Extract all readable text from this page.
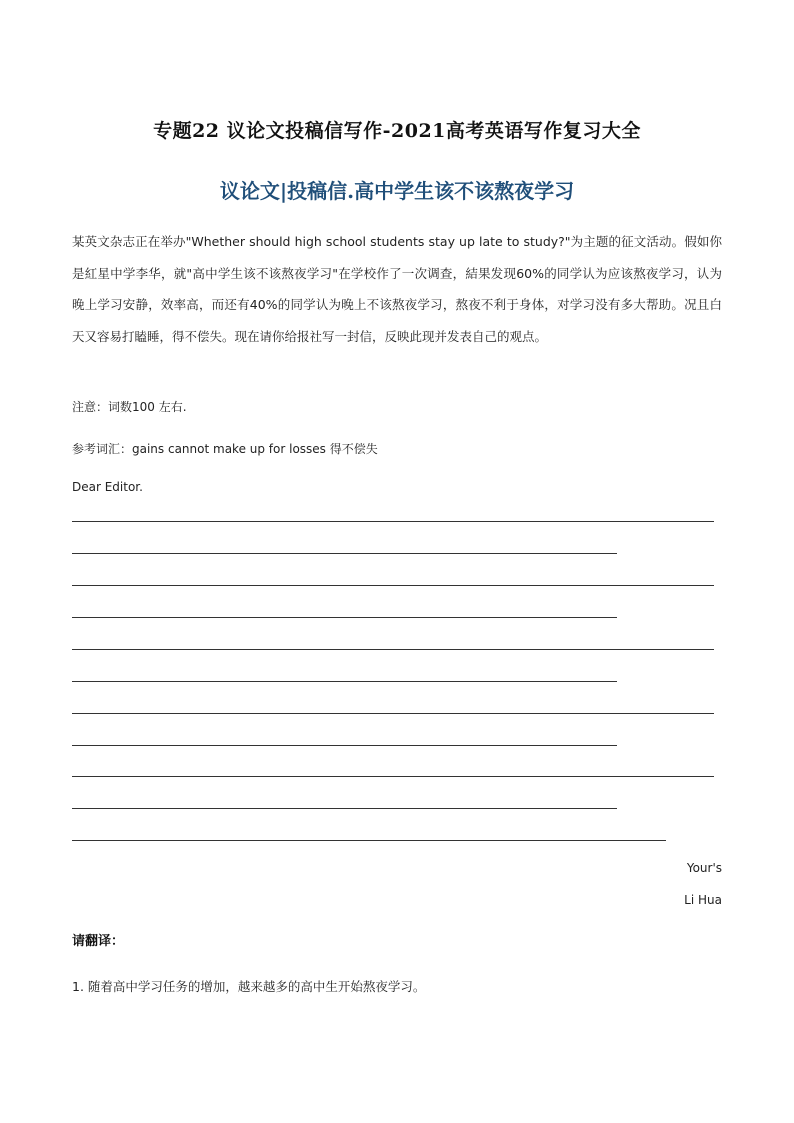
专题22 议论文投稿信写作-2021高考英语写作复习大全
议论文|投稿信.高中学生该不该熬夜学习
某英文杂志正在举办"Whether should high school students stay up late to study?"为主题的征文活动。假如你是紅星中学李华，就"高中学生该不该熬夜学习"在学校作了一次调查，結果发现60%的同学认为应该熬夜学习，认为晚上学习安静，效率高，而还有40%的同学认为晚上不该熬夜学习，熬夜不利于身体，对学习没有多大帮助。况且白天又容易打瞌睡，得不偿失。现在请你给报社写一封信，反映此现并发表自己的观点。
注意：词数100 左右.
参考词汇：gains cannot make up for losses 得不偿失
Dear Editor.
Your's
Li Hua
请翻译：
1. 随着高中学习任务的增加，越来越多的高中生开始熬夜学习。
